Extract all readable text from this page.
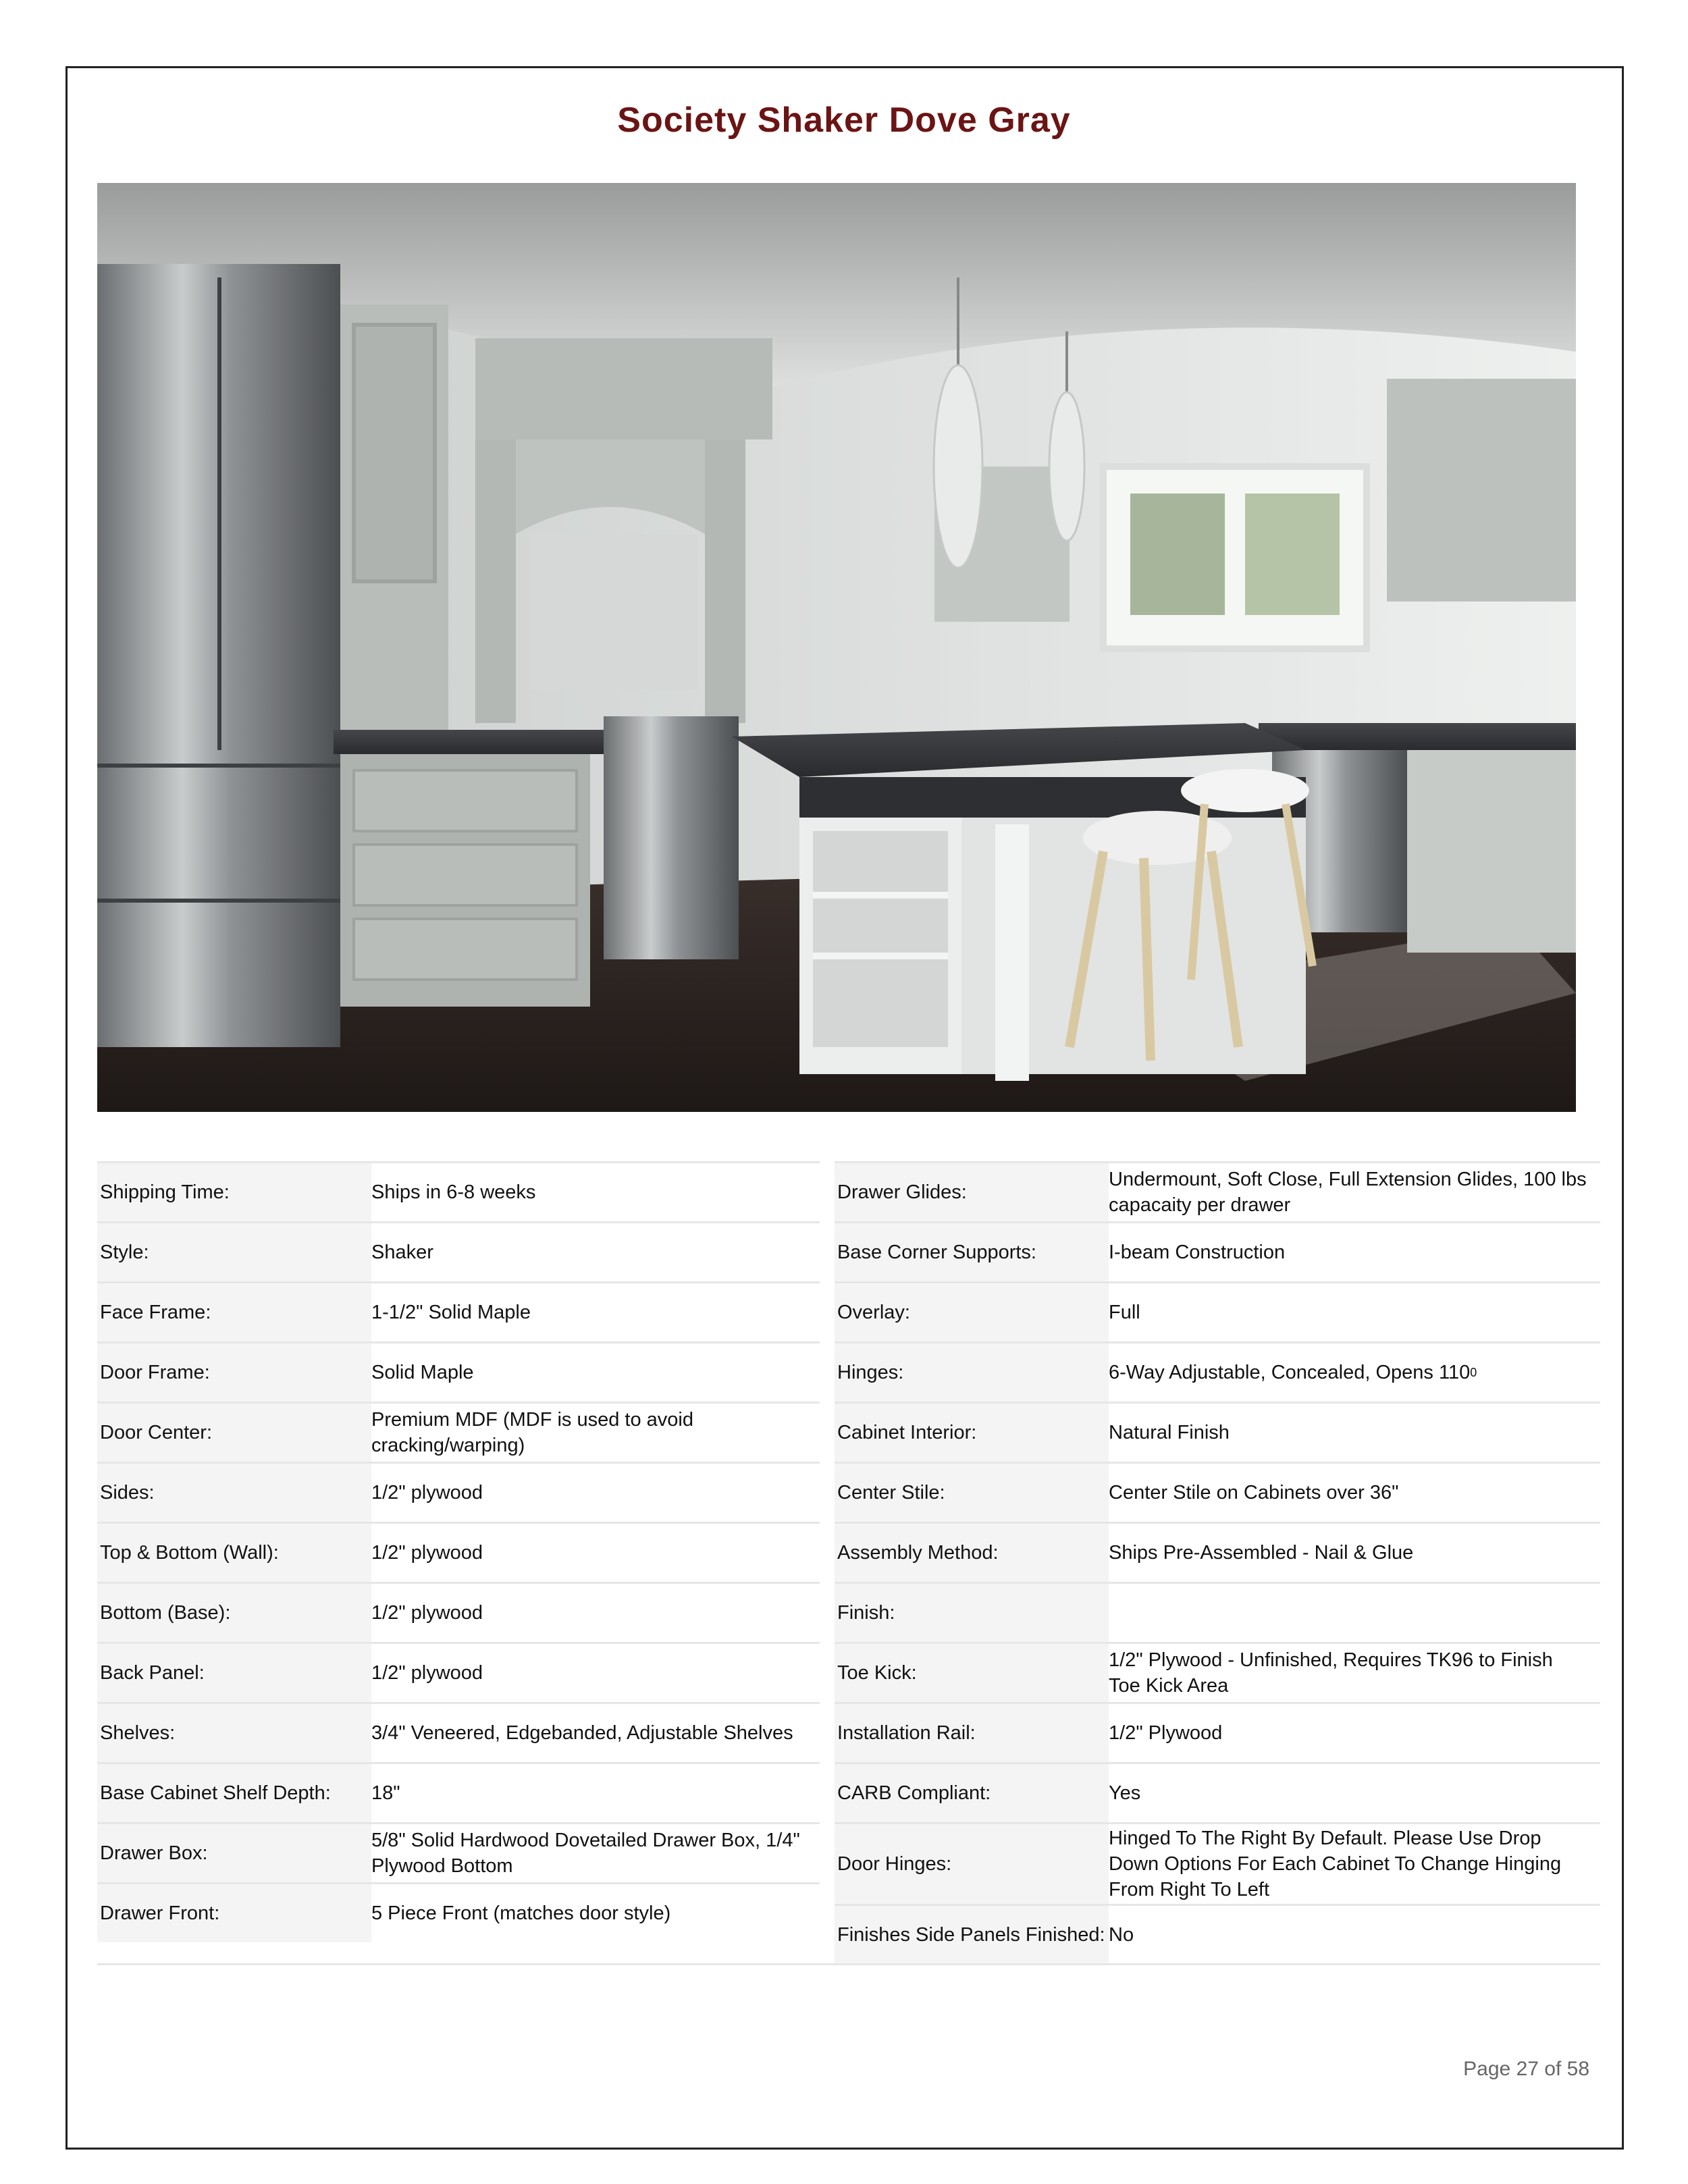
Society Shaker Dove Gray
Shipping Time:	Ships in 6-8 weeks
Style:	Shaker
Face Frame:	1-1/2" Solid Maple
Door Frame:	Solid Maple
Door Center:
Premium MDF (MDF is used to avoid cracking/warping)
Sides:	1/2" plywood
Top & Bottom (Wall):	1/2" plywood
Bottom (Base):	1/2" plywood
Back Panel:	1/2" plywood
Shelves:	3/4" Veneered, Edgebanded, Adjustable Shelves
Base Cabinet Shelf Depth:	18"
Drawer Box:
5/8" Solid Hardwood Dovetailed Drawer Box, 1/4" Plywood Bottom
Drawer Front:	5 Piece Front (matches door style)
Drawer Glides:
Undermount, Soft Close, Full Extension Glides, 100 lbs capacaity per drawer
Base Corner Supports:	I-beam Construction
Overlay:	Full
Hinges:	6-Way Adjustable, Concealed, Opens 110 0
Cabinet Interior:	Natural Finish
Center Stile:	Center Stile on Cabinets over 36"
Assembly Method:	Ships Pre-Assembled - Nail & Glue
Finish:
Toe Kick:
1/2" Plywood - Unfinished, Requires TK96 to Finish Toe Kick Area
Installation Rail:	1/2" Plywood
CARB Compliant:	Yes
Door Hinges:
Hinged To The Right By Default. Please Use Drop Down Options For Each Cabinet To Change Hinging From Right To Left
Finishes Side Panels Finished: No
Page 27 of 58
